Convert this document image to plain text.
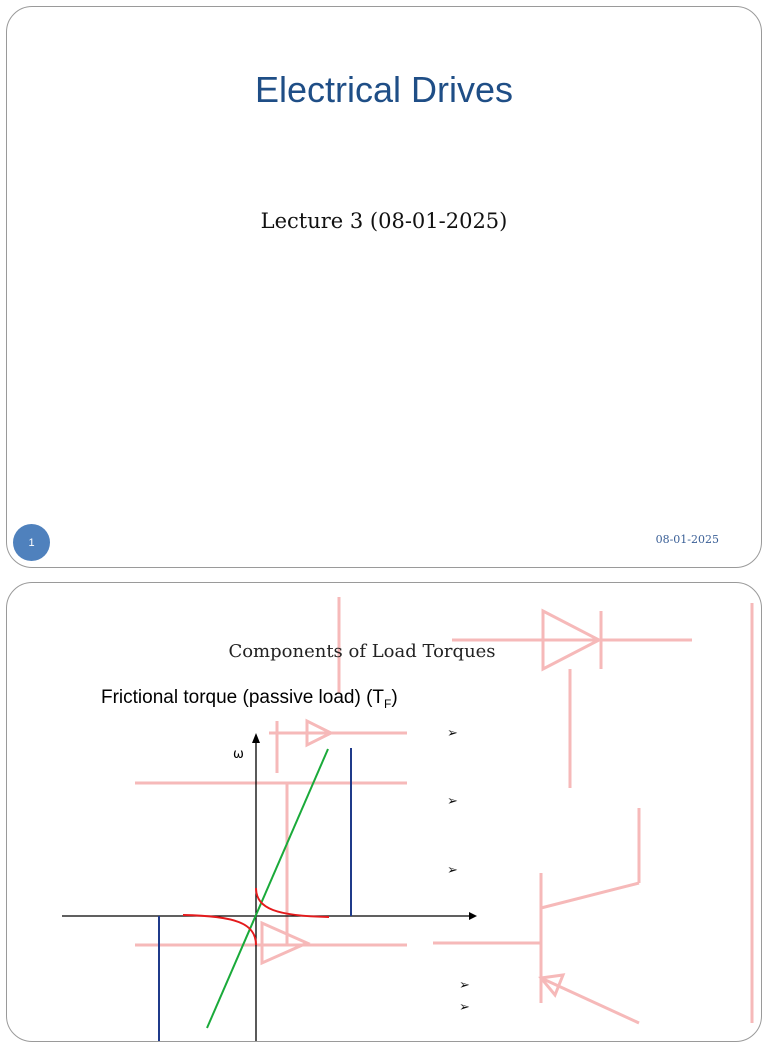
Electrical Drives
Lecture 3 (08-01-2025)
1	08-01-2025
Components of Load Torques
Frictional torque (passive load) $(T_F)$
ω
➢
➢
➢
➢
➢
